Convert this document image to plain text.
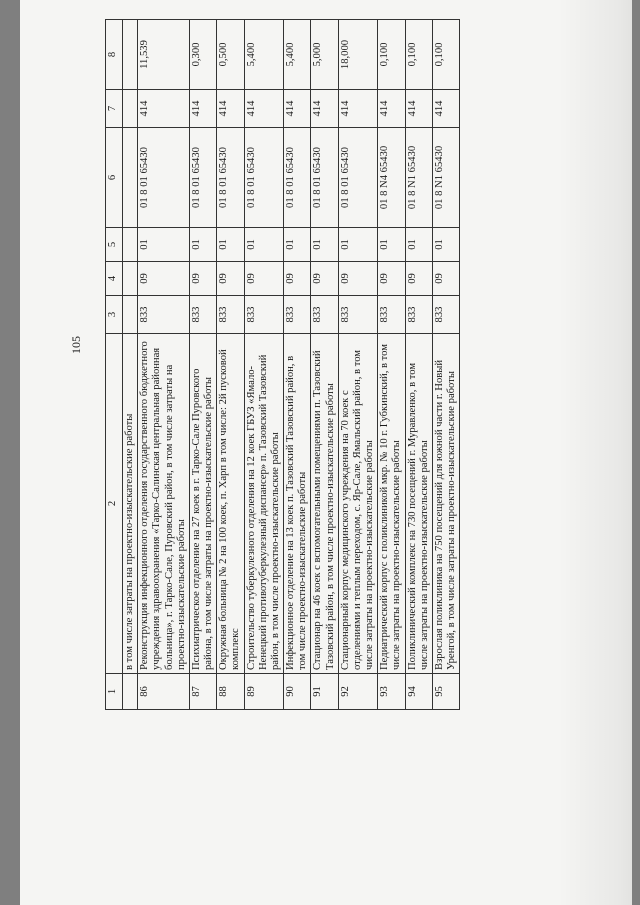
105
1	2	3	4	5	6	7	8
	в том числе затраты на проектно-изыскательские работы						
86	Реконструкция инфекционного отделения государственного бюджетного учреждения здравоохранения «Тарко-Салинская центральная районная больница», г. Тарко-Сале, Пуровский район, в том числе затраты на проектно-изыскательские работы	833	09	01	01 8 01 65430	414	11,539
87	Психиатрическое отделение на 27 коек в г. Тарко-Сале Пуровского района, в том числе затраты на проектно-изыскательские работы	833	09	01	01 8 01 65430	414	0,300
88	Окружная больница № 2 на 100 коек, п. Харп в том числе: 2й пусковой комплекс	833	09	01	01 8 01 65430	414	0,500
89	Строительство туберкулезного отделения на 12 коек ГБУЗ «Ямало-Ненецкий противотуберкулезный диспансер» п. Тазовский Тазовский район, в том числе проектно-изыскательские работы	833	09	01	01 8 01 65430	414	5,400
90	Инфекционное отделение на 13 коек п. Тазовский Тазовский район, в том числе проектно-изыскательские работы	833	09	01	01 8 01 65430	414	5,400
91	Стационар на 46 коек с вспомогательными помещениями п. Тазовский Тазовский район, в том числе проектно-изыскательские работы	833	09	01	01 8 01 65430	414	5,000
92	Стационарный корпус медицинского учреждения на 70 коек с отделениями и теплым переходом, с. Яр-Сале, Ямальский район, в том числе затраты на проектно-изыскательские работы	833	09	01	01 8 01 65430	414	18,000
93	Педиатрический корпус с поликлиникой мкр. № 10 г. Губкинский, в том числе затраты на проектно-изыскательские работы	833	09	01	01 8 N4 65430	414	0,100
94	Поликлинический комплекс на 730 посещений г. Муравленко, в том числе затраты на проектно-изыскательские работы	833	09	01	01 8 N1 65430	414	0,100
95	Взрослая поликлиника на 750 посещений для южной части г. Новый Уренгой, в том числе затраты на проектно-изыскательские работы	833	09	01	01 8 N1 65430	414	0,100
